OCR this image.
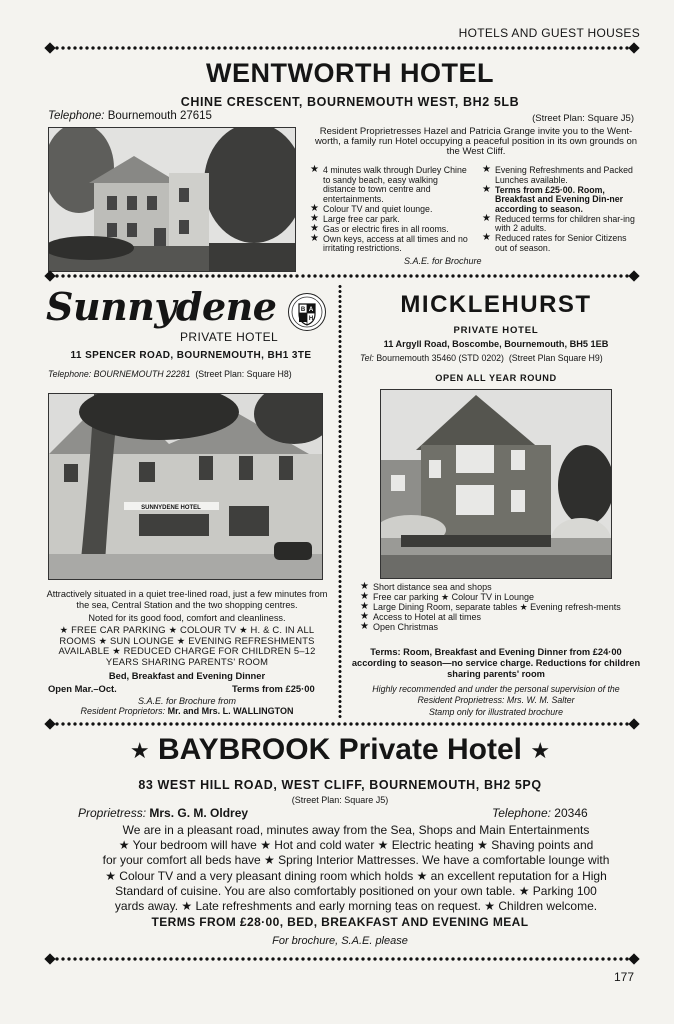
HOTELS AND GUEST HOUSES
WENTWORTH HOTEL
CHINE CRESCENT, BOURNEMOUTH WEST, BH2 5LB
Telephone: Bournemouth 27615	(Street Plan: Square J5)
Resident Proprietresses Hazel and Patricia Grange invite you to the Went-worth, a family run Hotel occupying a peaceful position in its own grounds on the West Cliff.
★ 4 minutes walk through Durley Chine to sandy beach, easy walking distance to town centre and entertainments.
★ Colour TV and quiet lounge.
★ Large free car park.
★ Gas or electric fires in all rooms.
★ Own keys, access at all times and no irritating restrictions.
★ Evening Refreshments and Packed Lunches available.
★ Terms from £25·00. Room, Breakfast and Evening Din-ner according to season.
★ Reduced terms for children shar-ing with 2 adults.
★ Reduced rates for Senior Citizens out of season.
S.A.E. for Brochure
Sunnydene	B
H
A
PRIVATE HOTEL
11 SPENCER ROAD, BOURNEMOUTH, BH1 3TE
Telephone: BOURNEMOUTH 22281 (Street Plan: Square H8)
SUNNYDENE HOTEL
Attractively situated in a quiet tree-lined road, just a few minutes from the sea, Central Station and the two shopping centres.
Noted for its good food, comfort and cleanliness.
★ FREE CAR PARKING ★ COLOUR TV ★ H. & C. IN ALL ROOMS ★ SUN LOUNGE ★ EVENING REFRESHMENTS AVAILABLE ★ REDUCED CHARGE FOR CHILDREN 5–12 YEARS SHARING PARENTS' ROOM
Bed, Breakfast and Evening Dinner
Open Mar.–Oct.	Terms from £25·00
S.A.E. for Brochure from
Resident Proprietors: Mr. and Mrs. L. WALLINGTON
MICKLEHURST
PRIVATE HOTEL
11 Argyll Road, Boscombe, Bournemouth, BH5 1EB
Tel: Bournemouth 35460 (STD 0202) (Street Plan Square H9)
OPEN ALL YEAR ROUND
★ Short distance sea and shops
★ Free car parking ★ Colour TV in Lounge
★ Large Dining Room, separate tables ★ Evening refresh-ments
★ Access to Hotel at all times
★ Open Christmas
Terms: Room, Breakfast and Evening Dinner from £24·00 according to season—no service charge. Reductions for children sharing parents' room
Highly recommended and under the personal supervision of the
Resident Proprietress: Mrs. W. M. Salter
Stamp only for illustrated brochure
★ BAYBROOK Private Hotel ★
83 WEST HILL ROAD, WEST CLIFF, BOURNEMOUTH, BH2 5PQ
(Street Plan: Square J5)
Proprietress: Mrs. G. M. Oldrey	Telephone: 20346
We are in a pleasant road, minutes away from the Sea, Shops and Main Entertainments
★ Your bedroom will have ★ Hot and cold water ★ Electric heating ★ Shaving points and
for your comfort all beds have ★ Spring Interior Mattresses. We have a comfortable lounge with
★ Colour TV and a very pleasant dining room which holds ★ an excellent reputation for a High
Standard of cuisine. You are also comfortably positioned on your own table. ★ Parking 100
yards away. ★ Late refreshments and early morning teas on request. ★ Children welcome.
TERMS FROM £28·00, BED, BREAKFAST AND EVENING MEAL
For brochure, S.A.E. please
177
